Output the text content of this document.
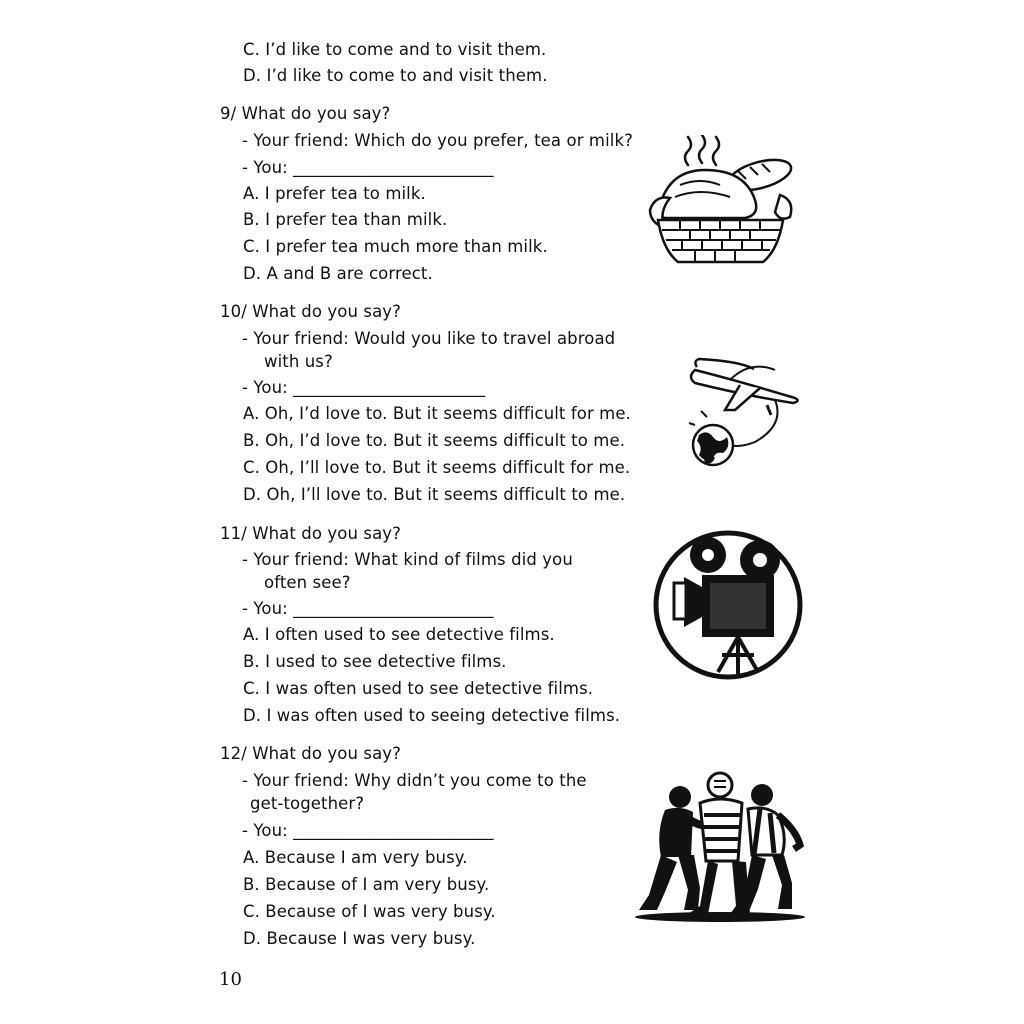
C. I’d like to come and to visit them.
D. I’d like to come to and visit them.
9/ What do you say?
- Your friend: Which do you prefer, tea or milk?
- You: ________________________
A. I prefer tea to milk.
B. I prefer tea than milk.
C. I prefer tea much more than milk.
D. A and B are correct.
10/ What do you say?
- Your friend: Would you like to travel abroad
with us?
- You: _______________________
A. Oh, I’d love to. But it seems difficult for me.
B. Oh, I’d love to. But it seems difficult to me.
C. Oh, I’ll love to. But it seems difficult for me.
D. Oh, I’ll love to. But it seems difficult to me.
11/ What do you say?
- Your friend: What kind of films did you
often see?
- You: ________________________
A. I often used to see detective films.
B. I used to see detective films.
C. I was often used to see detective films.
D. I was often used to seeing detective films.
12/ What do you say?
- Your friend: Why didn’t you come to the
get-together?
- You: ________________________
A. Because I am very busy.
B. Because of I am very busy.
C. Because of I was very busy.
D. Because I was very busy.
10
